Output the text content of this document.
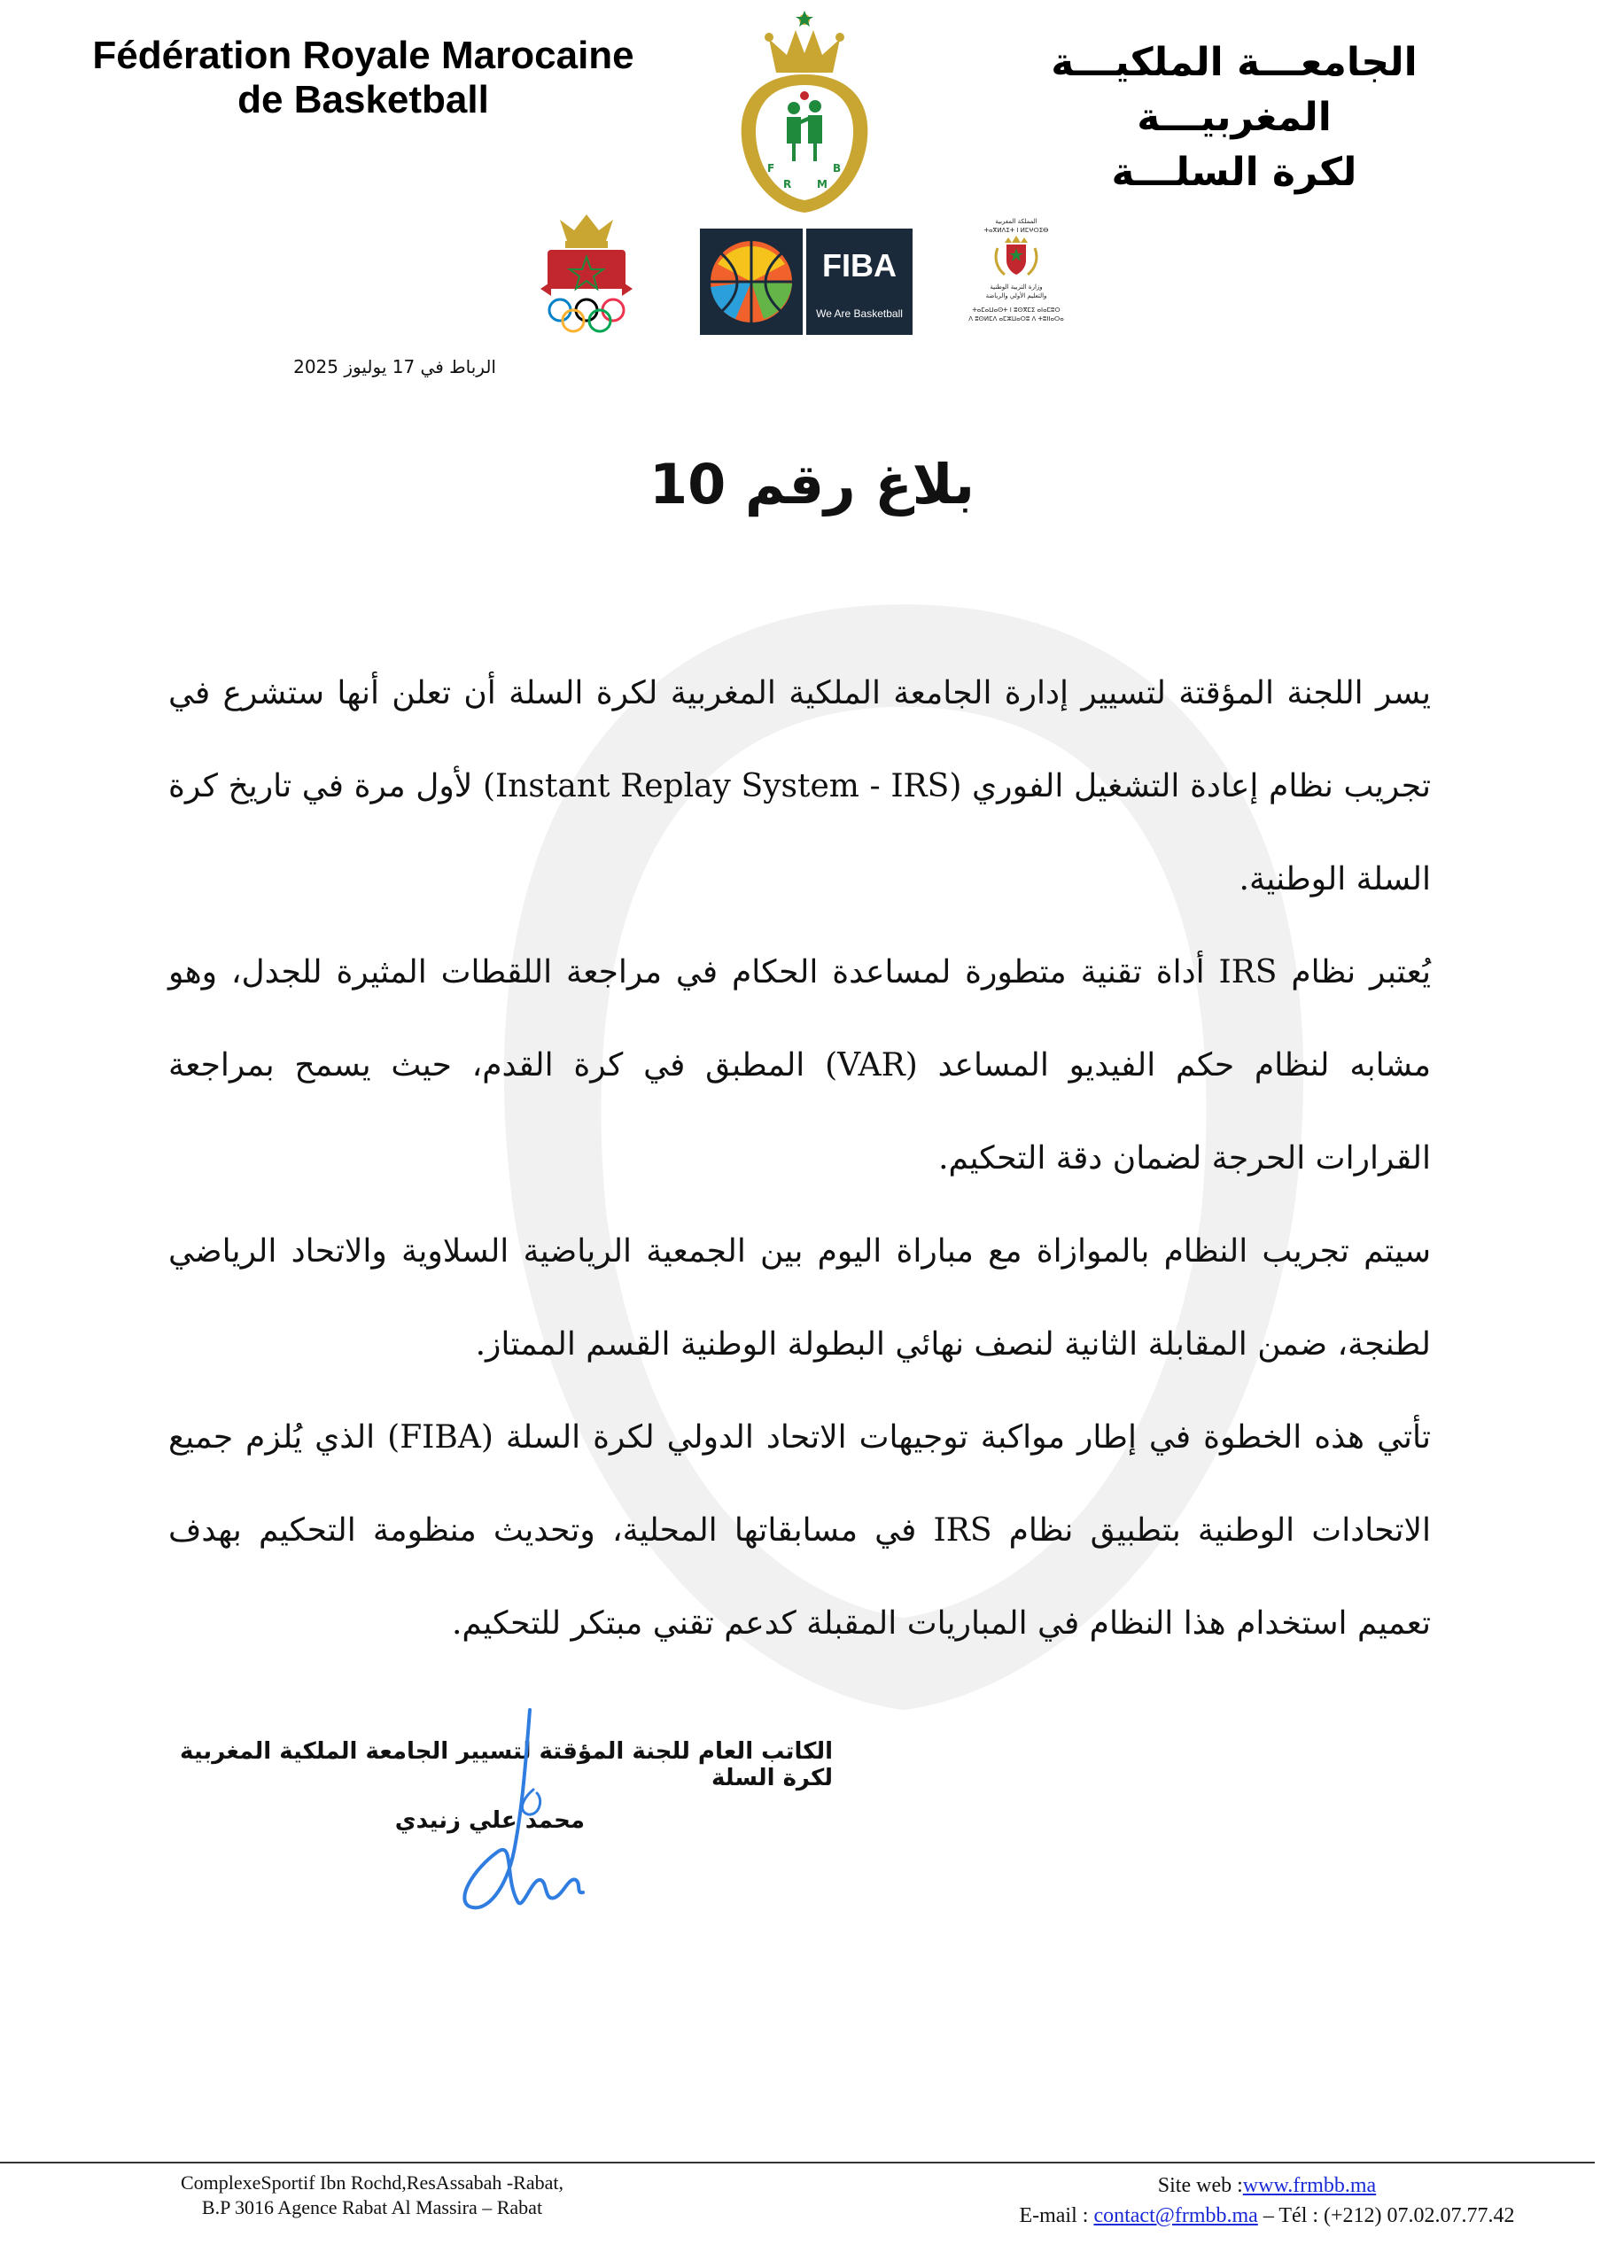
Fédération Royale Marocaine
de Basketball
الجامعـــة الملكيـــة المغربيـــة
لكرة السلـــة
F
R M
B
FIBA
We Are Basketball
المملكة المغربية
ⵜⴰⴳⵍⴷⵉⵜ ⵏ ⵍⵎⵖⵔⵉⴱ
وزارة التربية الوطنية
والتعليم الأولي والرياضة
ⵜⴰⵎⴰⵡⴰⵙⵜ ⵏ ⵓⵙⴳⵎⵉ ⴰⵏⴰⵎⵓⵔ
ⴷ ⵓⵙⵍⵎⴷ ⴰⵎⵣⵡⴰⵔⵓ ⴷ ⵜⵓⵏⵏⴰⵔⴰ
الرباط في 17 يوليوز 2025
بلاغ رقم 10

يسر اللجنة المؤقتة لتسيير إدارة الجامعة الملكية المغربية لكرة السلة أن تعلن أنها ستشرع في تجريب نظام إعادة التشغيل الفوري (Instant Replay System - IRS) لأول مرة في تاريخ كرة السلة الوطنية.

يُعتبر نظام IRS أداة تقنية متطورة لمساعدة الحكام في مراجعة اللقطات المثيرة للجدل، وهو مشابه لنظام حكم الفيديو المساعد (VAR) المطبق في كرة القدم، حيث يسمح بمراجعة القرارات الحرجة لضمان دقة التحكيم.

سيتم تجريب النظام بالموازاة مع مباراة اليوم بين الجمعية الرياضية السلاوية والاتحاد الرياضي لطنجة، ضمن المقابلة الثانية لنصف نهائي البطولة الوطنية القسم الممتاز.

تأتي هذه الخطوة في إطار مواكبة توجيهات الاتحاد الدولي لكرة السلة (FIBA) الذي يُلزم جميع الاتحادات الوطنية بتطبيق نظام IRS في مسابقاتها المحلية، وتحديث منظومة التحكيم بهدف تعميم استخدام هذا النظام في المباريات المقبلة كدعم تقني مبتكر للتحكيم.

الكاتب العام للجنة المؤقتة لتسيير الجامعة الملكية المغربية لكرة السلة
محمد علي زنيدي
ComplexeSportif Ibn Rochd,ResAssabah -Rabat,
B.P 3016 Agence Rabat Al Massira – Rabat
Site web :www.frmbb.ma
E-mail : contact@frmbb.ma – Tél : (+212) 07.02.07.77.42
